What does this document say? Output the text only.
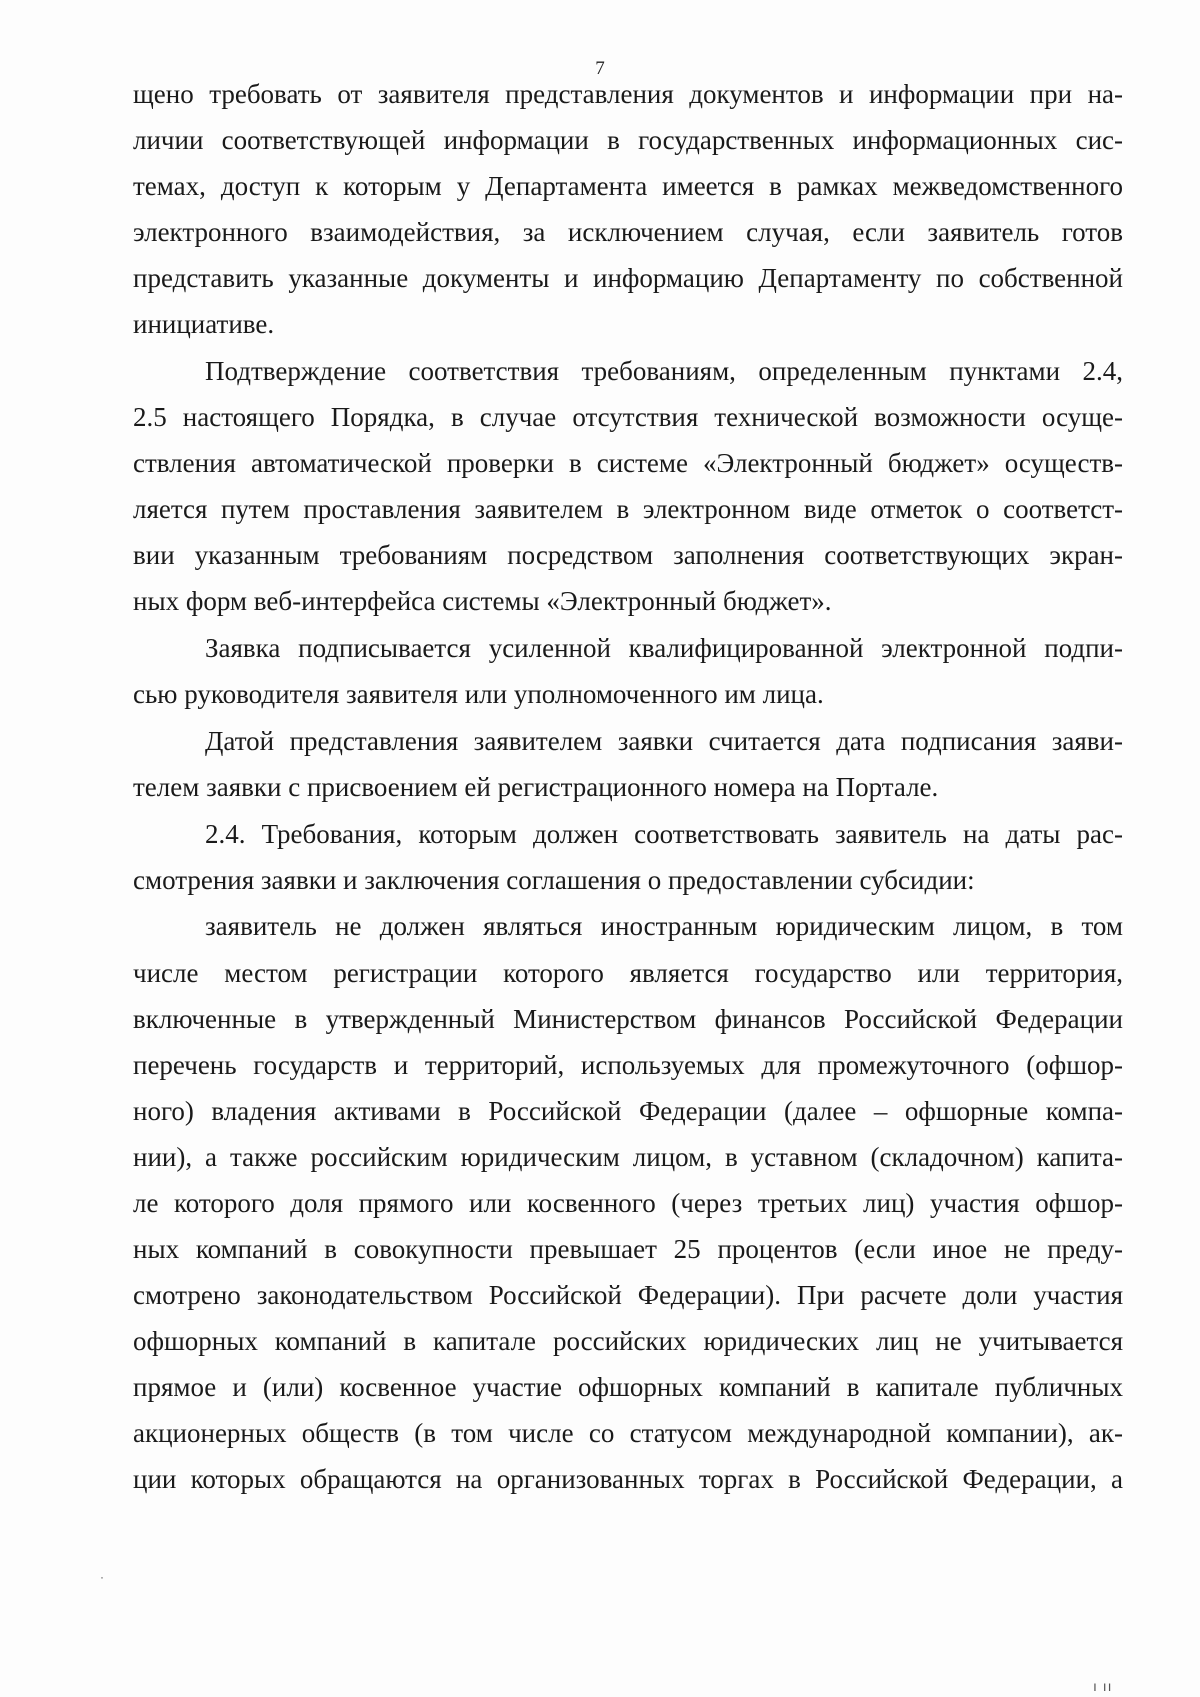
7
щено требовать от заявителя представления документов и информации при на-
личии соответствующей информации в государственных информационных сис-
темах, доступ к которым у Департамента имеется в рамках межведомственного
электронного взаимодействия, за исключением случая, если заявитель готов
представить указанные документы и информацию Департаменту по собственной
инициативе.
Подтверждение соответствия требованиям, определенным пунктами 2.4,
2.5 настоящего Порядка, в случае отсутствия технической возможности осуще-
ствления автоматической проверки в системе «Электронный бюджет» осуществ-
ляется путем проставления заявителем в электронном виде отметок о соответст-
вии указанным требованиям посредством заполнения соответствующих экран-
ных форм веб-интерфейса системы «Электронный бюджет».
Заявка подписывается усиленной квалифицированной электронной подпи-
сью руководителя заявителя или уполномоченного им лица.
Датой представления заявителем заявки считается дата подписания заяви-
телем заявки с присвоением ей регистрационного номера на Портале.
2.4. Требования, которым должен соответствовать заявитель на даты рас-
смотрения заявки и заключения соглашения о предоставлении субсидии:
заявитель не должен являться иностранным юридическим лицом, в том
числе местом регистрации которого является государство или территория,
включенные в утвержденный Министерством финансов Российской Федерации
перечень государств и территорий, используемых для промежуточного (офшор-
ного) владения активами в Российской Федерации (далее – офшорные компа-
нии), а также российским юридическим лицом, в уставном (складочном) капита-
ле которого доля прямого или косвенного (через третьих лиц) участия офшор-
ных компаний в совокупности превышает 25 процентов (если иное не преду-
смотрено законодательством Российской Федерации). При расчете доли участия
офшорных компаний в капитале российских юридических лиц не учитывается
прямое и (или) косвенное участие офшорных компаний в капитале публичных
акционерных обществ (в том числе со статусом международной компании), ак-
ции которых обращаются на организованных торгах в Российской Федерации, а
·
ı ıı
